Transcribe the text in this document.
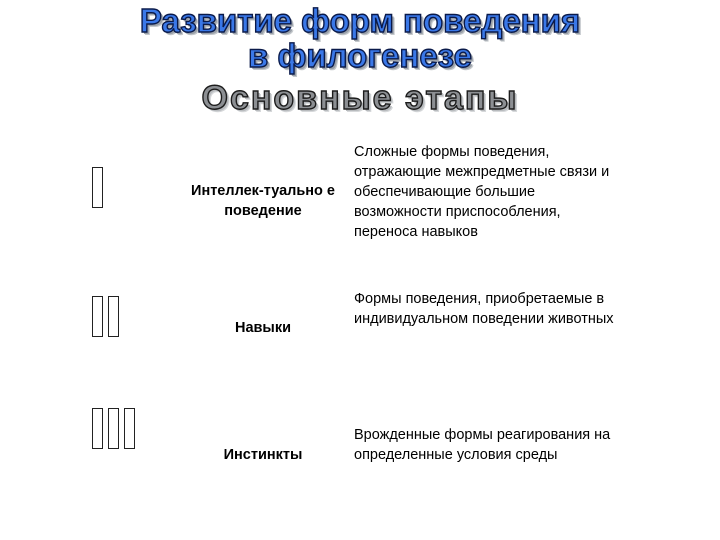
Развитие форм поведения
в филогенезе
Основные этапы
Интеллек-туально е поведение
Сложные формы поведения, отражающие межпредметные связи и обеспечивающие большие возможности приспособления, переноса навыков
Навыки
Формы поведения, приобретаемые в индивидуальном поведении животных
Инстинкты
Врожденные формы реагирования на определенные условия среды
